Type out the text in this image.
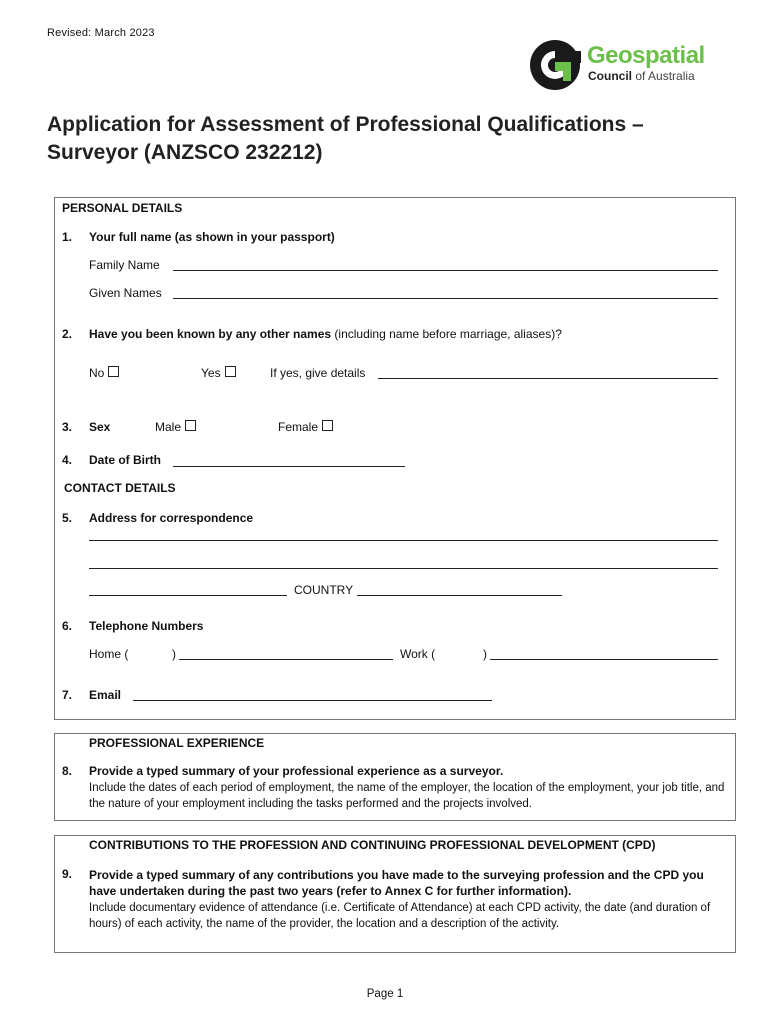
Revised: March 2023
Geospatial
Council of Australia
Application for Assessment of Professional Qualifications – Surveyor (ANZSCO 232212)
PERSONAL DETAILS
1. Your full name (as shown in your passport)
Family Name
Given Names
2. Have you been known by any other names (including name before marriage, aliases)?
No	Yes	If yes, give details
3. Sex	Male	Female
4. Date of Birth
CONTACT DETAILS
5. Address for correspondence
COUNTRY
6. Telephone Numbers
Home (	)	Work (	)
7. Email
PROFESSIONAL EXPERIENCE
8. Provide a typed summary of your professional experience as a surveyor.
Include the dates of each period of employment, the name of the employer, the location of the employment, your job title, and the nature of your employment including the tasks performed and the projects involved.
CONTRIBUTIONS TO THE PROFESSION AND CONTINUING PROFESSIONAL DEVELOPMENT (CPD)
9. Provide a typed summary of any contributions you have made to the surveying profession and the CPD you have undertaken during the past two years (refer to Annex C for further information).
Include documentary evidence of attendance (i.e. Certificate of Attendance) at each CPD activity, the date (and duration of hours) of each activity, the name of the provider, the location and a description of the activity.
Page 1
